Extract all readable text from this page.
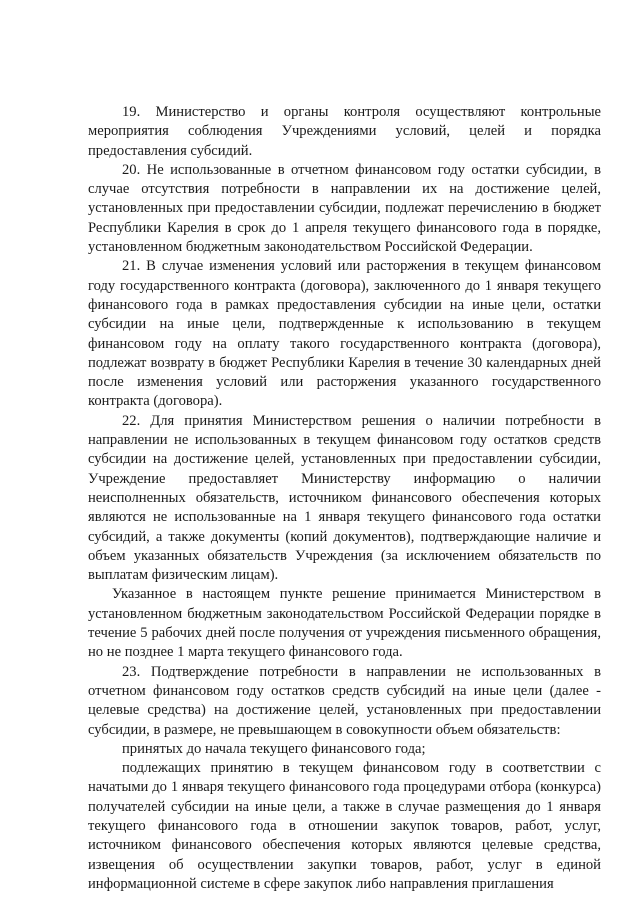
19. Министерство и органы контроля осуществляют контрольные мероприятия соблюдения Учреждениями условий, целей и порядка предоставления субсидий.

20. Не использованные в отчетном финансовом году остатки субсидии, в случае отсутствия потребности в направлении их на достижение целей, установленных при предоставлении субсидии, подлежат перечислению в бюджет Республики Карелия в срок до 1 апреля текущего финансового года в порядке, установленном бюджетным законодательством Российской Федерации.

21. В случае изменения условий или расторжения в текущем финансовом году государственного контракта (договора), заключенного до 1 января текущего финансового года в рамках предоставления субсидии на иные цели, остатки субсидии на иные цели, подтвержденные к использованию в текущем финансовом году на оплату такого государственного контракта (договора), подлежат возврату в бюджет Республики Карелия в течение 30 календарных дней после изменения условий или расторжения указанного государственного контракта (договора).

22. Для принятия Министерством решения о наличии потребности в направлении не использованных в текущем финансовом году остатков средств субсидии на достижение целей, установленных при предоставлении субсидии, Учреждение предоставляет Министерству информацию о наличии неисполненных обязательств, источником финансового обеспечения которых являются не использованные на 1 января текущего финансового года остатки субсидий, а также документы (копий документов), подтверждающие наличие и объем указанных обязательств Учреждения (за исключением обязательств по выплатам физическим лицам).

Указанное в настоящем пункте решение принимается Министерством в установленном бюджетным законодательством Российской Федерации порядке в течение 5 рабочих дней после получения от учреждения письменного обращения, но не позднее 1 марта текущего финансового года.

23. Подтверждение потребности в направлении не использованных в отчетном финансовом году остатков средств субсидий на иные цели (далее - целевые средства) на достижение целей, установленных при предоставлении субсидии, в размере, не превышающем в совокупности объем обязательств:

принятых до начала текущего финансового года;

подлежащих принятию в текущем финансовом году в соответствии с начатыми до 1 января текущего финансового года процедурами отбора (конкурса) получателей субсидии на иные цели, а также в случае размещения до 1 января текущего финансового года в отношении закупок товаров, работ, услуг, источником финансового обеспечения которых являются целевые средства, извещения об осуществлении закупки товаров, работ, услуг в единой информационной системе в сфере закупок либо направления приглашения
